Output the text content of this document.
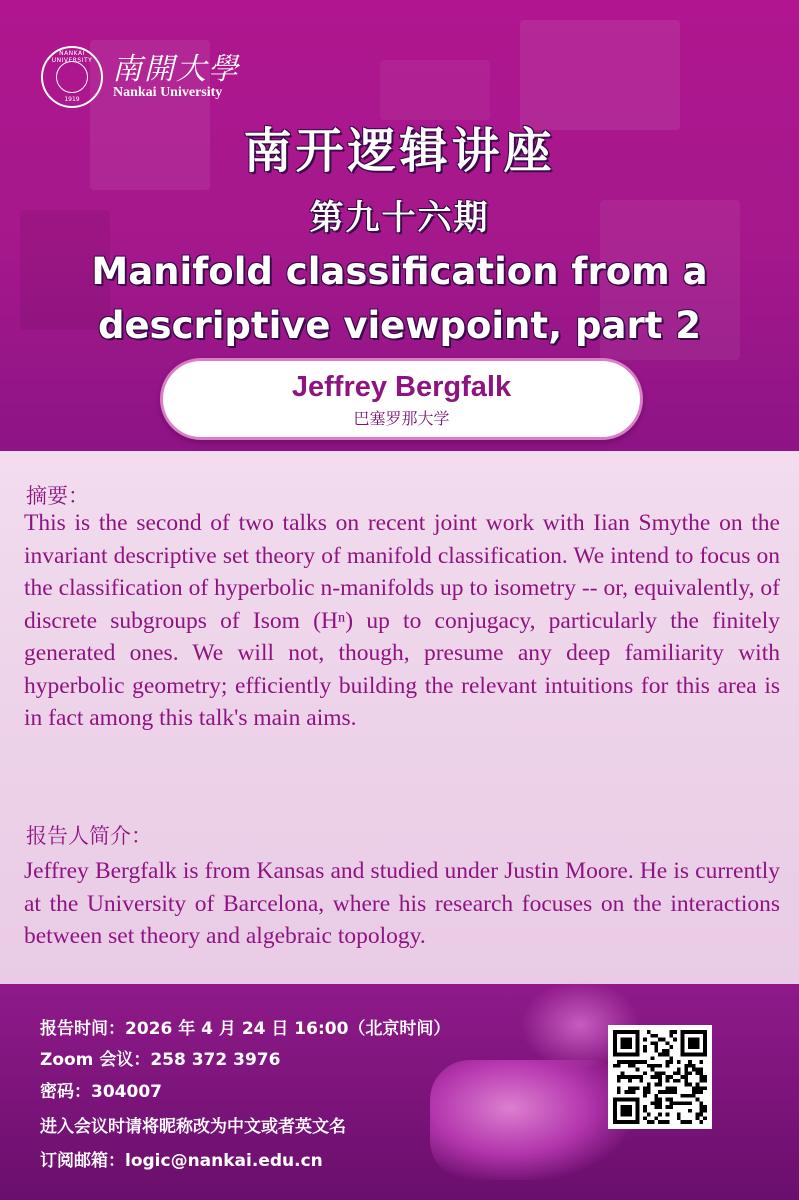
NANKAI UNIVERSITY
1919
南開大學
Nankai University
南开逻辑讲座
第九十六期
Manifold classification from a descriptive viewpoint, part 2
Jeffrey Bergfalk
巴塞罗那大学
摘要：
This is the second of two talks on recent joint work with Iian Smythe on the invariant descriptive set theory of manifold classification. We intend to focus on the classification of hyperbolic n-manifolds up to isometry -- or, equivalently, of discrete subgroups of Isom (Hⁿ) up to conjugacy, particularly the finitely generated ones. We will not, though, presume any deep familiarity with hyperbolic geometry; efficiently building the relevant intuitions for this area is in fact among this talk's main aims.
报告人简介：
Jeffrey Bergfalk is from Kansas and studied under Justin Moore. He is currently at the University of Barcelona, where his research focuses on the interactions between set theory and algebraic topology.
报告时间：2026 年 4 月 24 日 16:00（北京时间）
Zoom 会议：258 372 3976
密码：304007
进入会议时请将昵称改为中文或者英文名
订阅邮箱：logic@nankai.edu.cn
